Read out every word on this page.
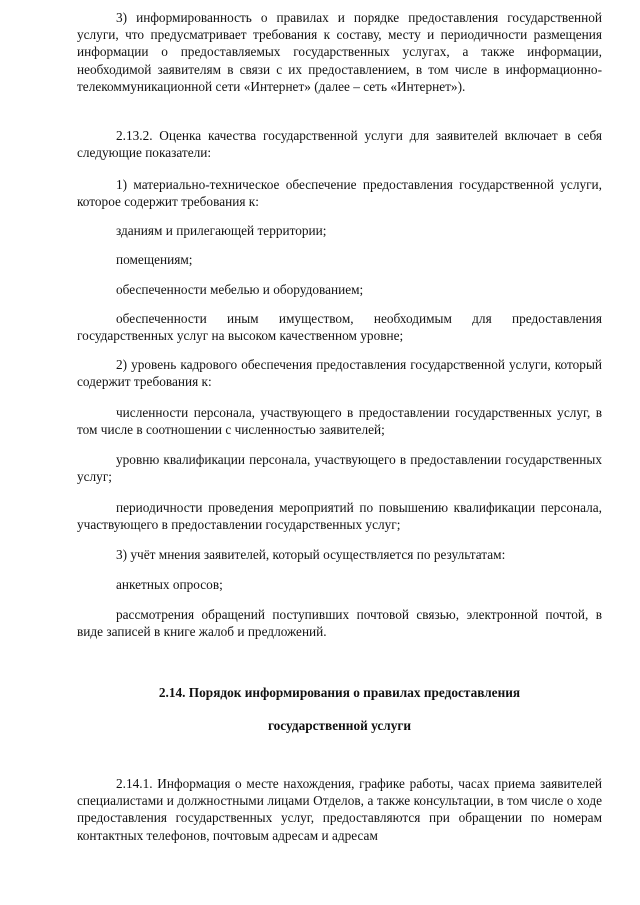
3) информированность о правилах и порядке предоставления государственной услуги, что предусматривает требования к составу, месту и периодичности размещения информации о предоставляемых государственных услугах, а также информации, необходимой заявителям в связи с их предоставлением, в том числе в информационно-телекоммуникационной сети «Интернет» (далее – сеть «Интернет»).

2.13.2. Оценка качества государственной услуги для заявителей включает в себя следующие показатели:

1) материально-техническое обеспечение предоставления государственной услуги, которое содержит требования к:

зданиям и прилегающей территории;

помещениям;

обеспеченности мебелью и оборудованием;

обеспеченности иным имуществом, необходимым для предоставления государственных услуг на высоком качественном уровне;

2) уровень кадрового обеспечения предоставления государственной услуги, который содержит требования к:

численности персонала, участвующего в предоставлении государственных услуг, в том числе в соотношении с численностью заявителей;

уровню квалификации персонала, участвующего в предоставлении государственных услуг;

периодичности проведения мероприятий по повышению квалификации персонала, участвующего в предоставлении государственных услуг;

3) учёт мнения заявителей, который осуществляется по результатам:

анкетных опросов;

рассмотрения обращений поступивших почтовой связью, электронной почтой, в виде записей в книге жалоб и предложений.

2.14. Порядок информирования о правилах предоставления
государственной услуги

2.14.1. Информация о месте нахождения, графике работы, часах приема заявителей специалистами и должностными лицами Отделов, а также консультации, в том числе о ходе предоставления государственных услуг, предоставляются при обращении по номерам контактных телефонов, почтовым адресам и адресам
